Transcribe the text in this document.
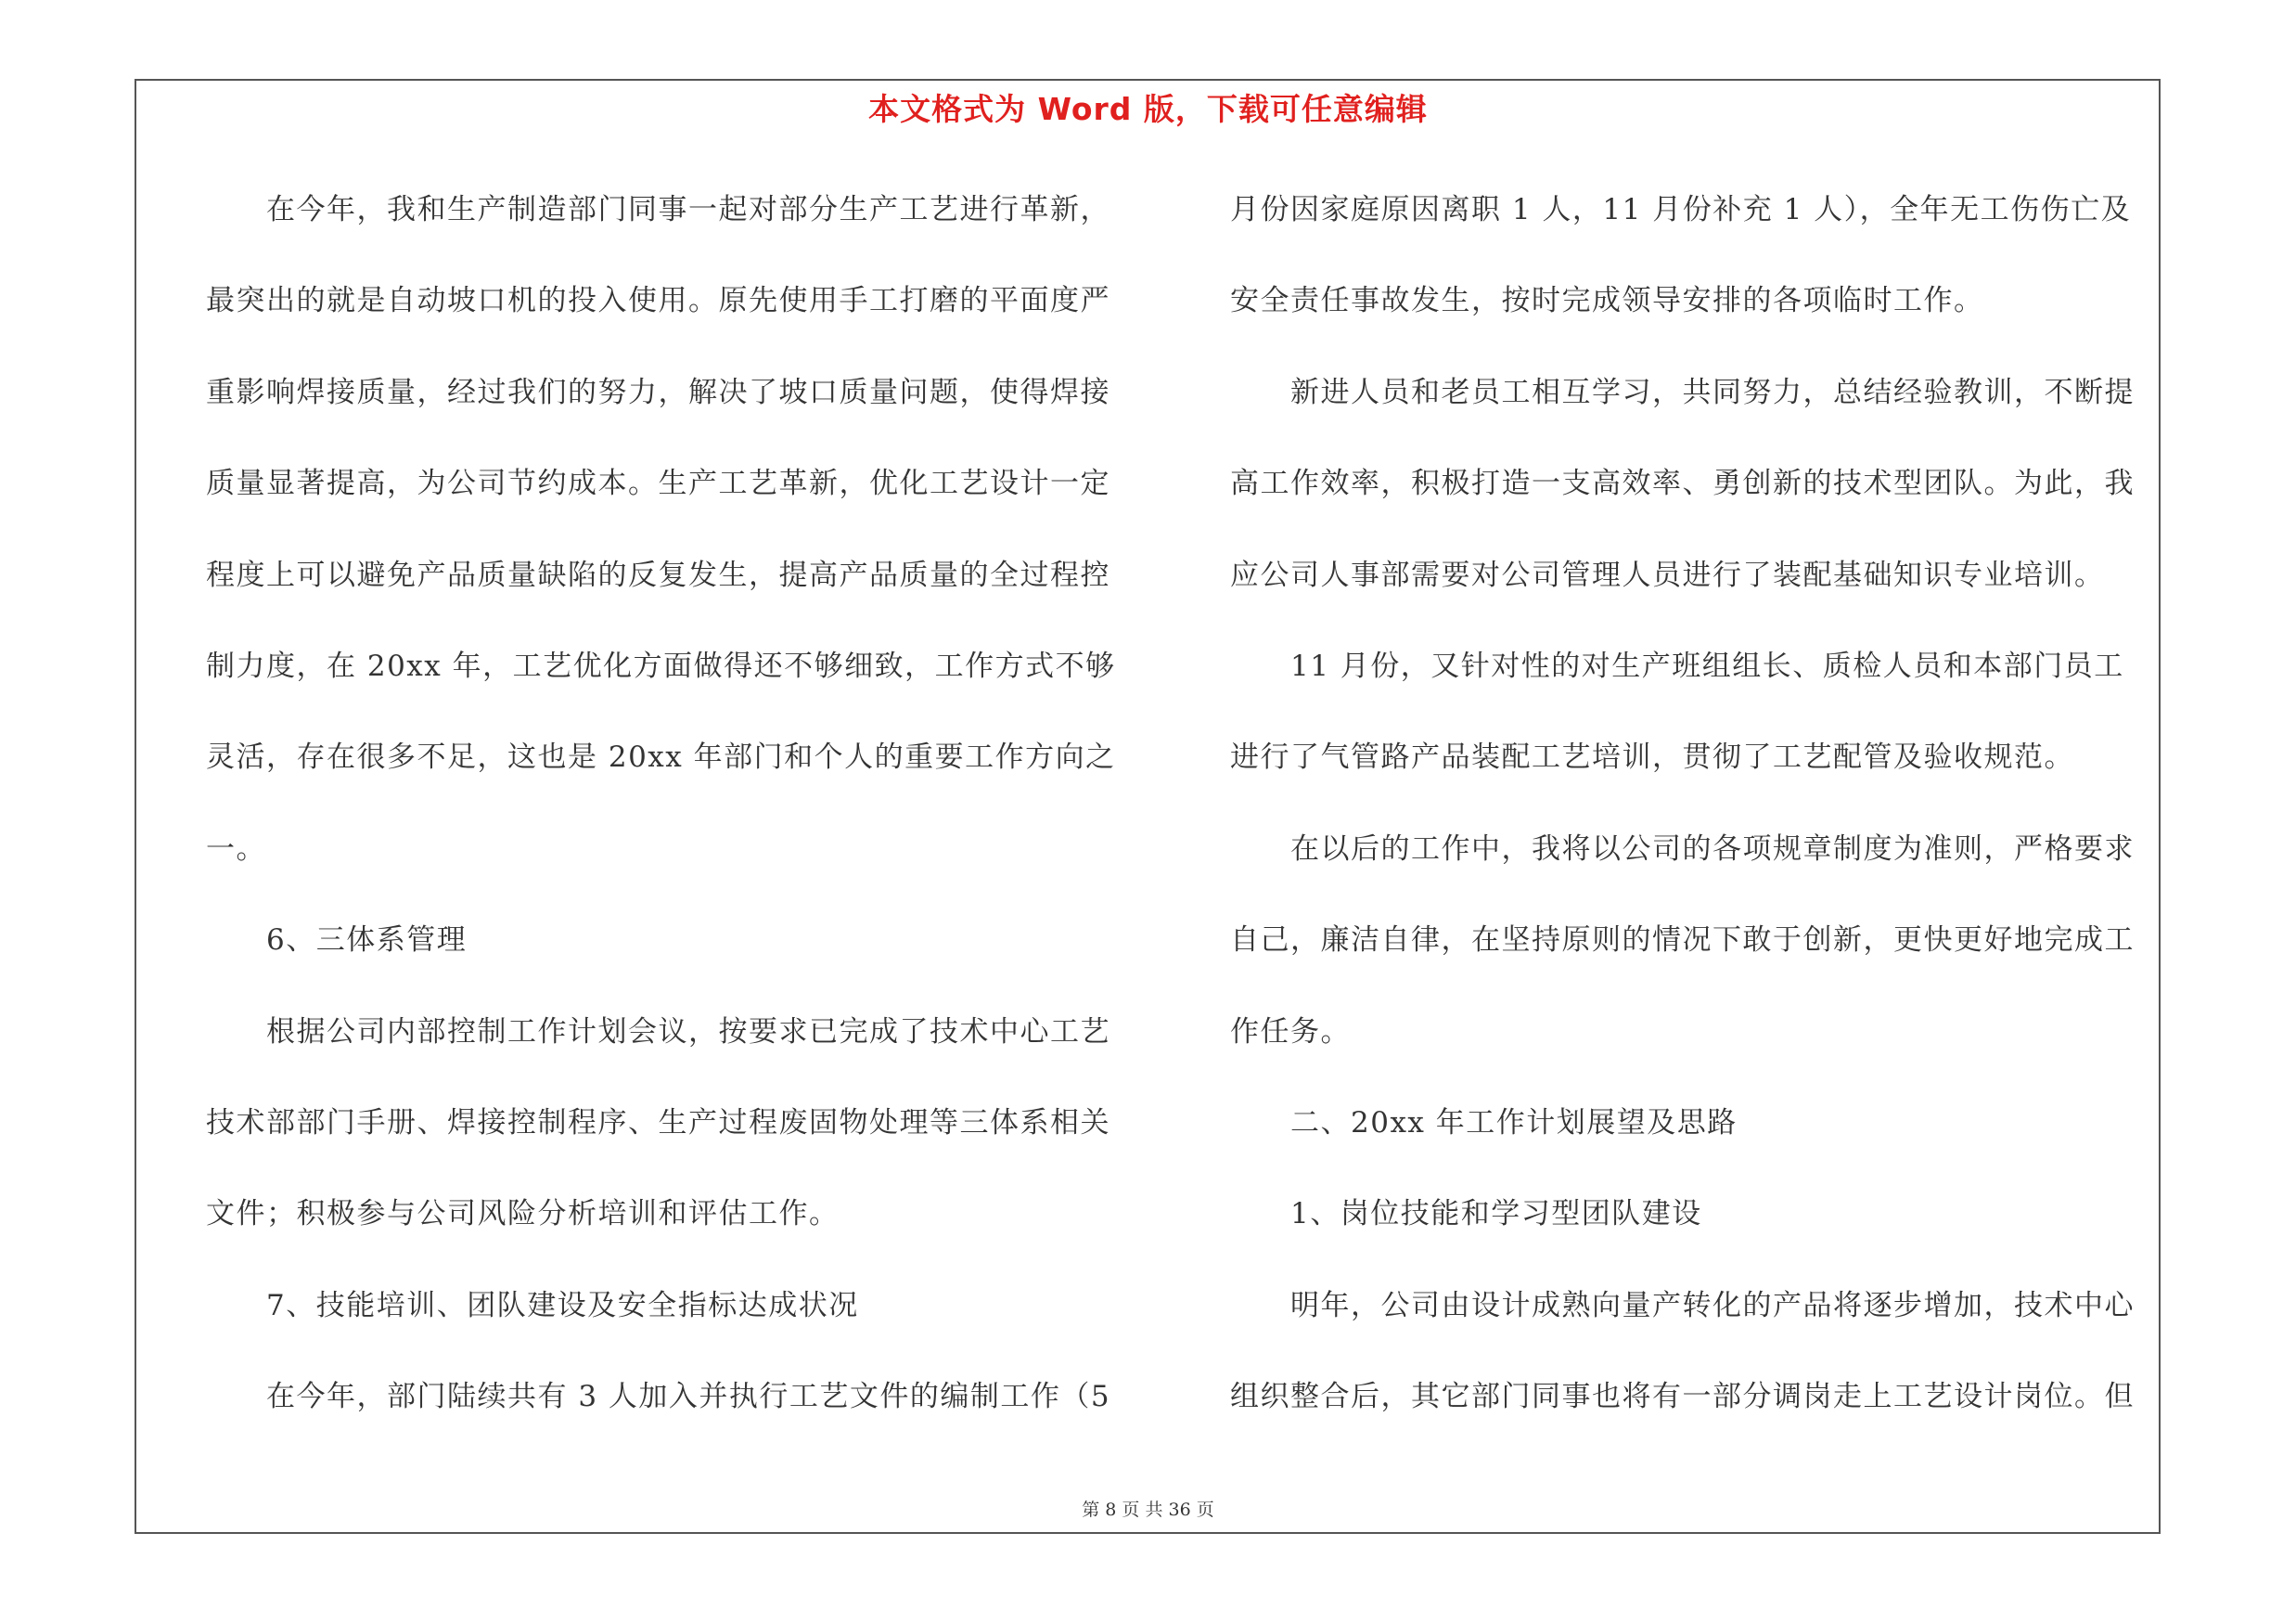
本文格式为 Word 版，下载可任意编辑
　　在今年，我和生产制造部门同事一起对部分生产工艺进行革新，
最突出的就是自动坡口机的投入使用。原先使用手工打磨的平面度严
重影响焊接质量，经过我们的努力，解决了坡口质量问题，使得焊接
质量显著提高，为公司节约成本。生产工艺革新，优化工艺设计一定
程度上可以避免产品质量缺陷的反复发生，提高产品质量的全过程控
制力度，在 20xx 年，工艺优化方面做得还不够细致，工作方式不够
灵活，存在很多不足，这也是 20xx 年部门和个人的重要工作方向之
一。
　　6、三体系管理
　　根据公司内部控制工作计划会议，按要求已完成了技术中心工艺
技术部部门手册、焊接控制程序、生产过程废固物处理等三体系相关
文件；积极参与公司风险分析培训和评估工作。
　　7、技能培训、团队建设及安全指标达成状况
　　在今年，部门陆续共有 3 人加入并执行工艺文件的编制工作（5
月份因家庭原因离职 1 人，11 月份补充 1 人），全年无工伤伤亡及
安全责任事故发生，按时完成领导安排的各项临时工作。
　　新进人员和老员工相互学习，共同努力，总结经验教训，不断提
高工作效率，积极打造一支高效率、勇创新的技术型团队。为此，我
应公司人事部需要对公司管理人员进行了装配基础知识专业培训。
　　11 月份，又针对性的对生产班组组长、质检人员和本部门员工
进行了气管路产品装配工艺培训，贯彻了工艺配管及验收规范。
　　在以后的工作中，我将以公司的各项规章制度为准则，严格要求
自己，廉洁自律，在坚持原则的情况下敢于创新，更快更好地完成工
作任务。
　　二、20xx 年工作计划展望及思路
　　1、岗位技能和学习型团队建设
　　明年，公司由设计成熟向量产转化的产品将逐步增加，技术中心
组织整合后，其它部门同事也将有一部分调岗走上工艺设计岗位。但
第 8 页 共 36 页
